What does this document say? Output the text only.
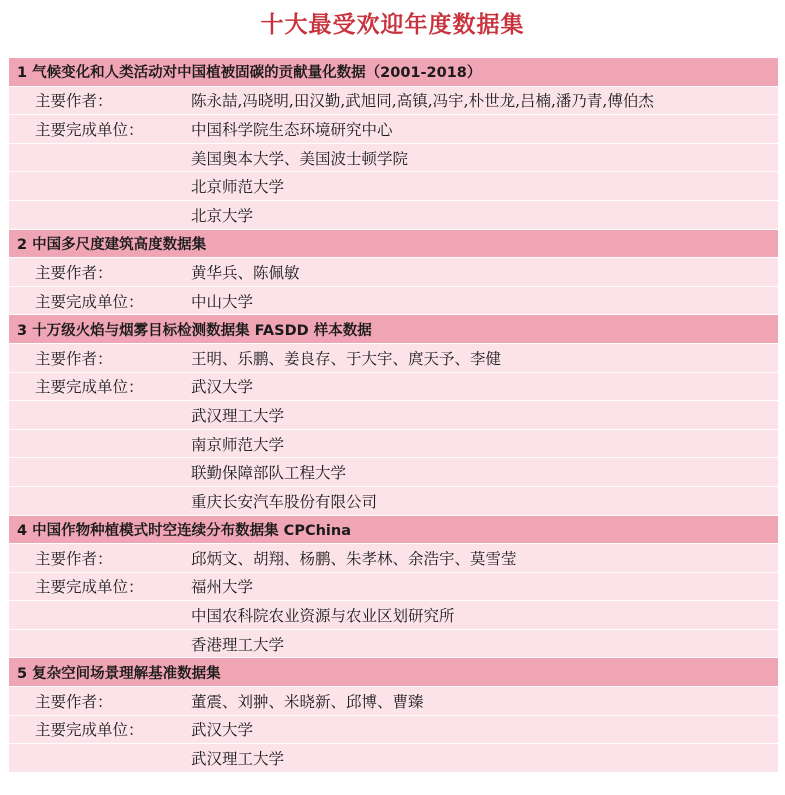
十大最受欢迎年度数据集
1 气候变化和人类活动对中国植被固碳的贡献量化数据（2001-2018）
主要作者：	陈永喆,冯晓明,田汉勤,武旭同,高镇,冯宇,朴世龙,吕楠,潘乃青,傅伯杰
主要完成单位：	中国科学院生态环境研究中心
美国奥本大学、美国波士顿学院
北京师范大学
北京大学
2 中国多尺度建筑高度数据集
主要作者：	黄华兵、陈佩敏
主要完成单位：	中山大学
3 十万级火焰与烟雾目标检测数据集 FASDD 样本数据
主要作者：	王明、乐鹏、姜良存、于大宇、庹天予、李健
主要完成单位：	武汉大学
武汉理工大学
南京师范大学
联勤保障部队工程大学
重庆长安汽车股份有限公司
4 中国作物种植模式时空连续分布数据集 CPChina
主要作者：	邱炳文、胡翔、杨鹏、朱孝林、余浩宇、莫雪莹
主要完成单位：	福州大学
中国农科院农业资源与农业区划研究所
香港理工大学
5 复杂空间场景理解基准数据集
主要作者：	董震、刘翀、米晓新、邱博、曹臻
主要完成单位：	武汉大学
武汉理工大学
